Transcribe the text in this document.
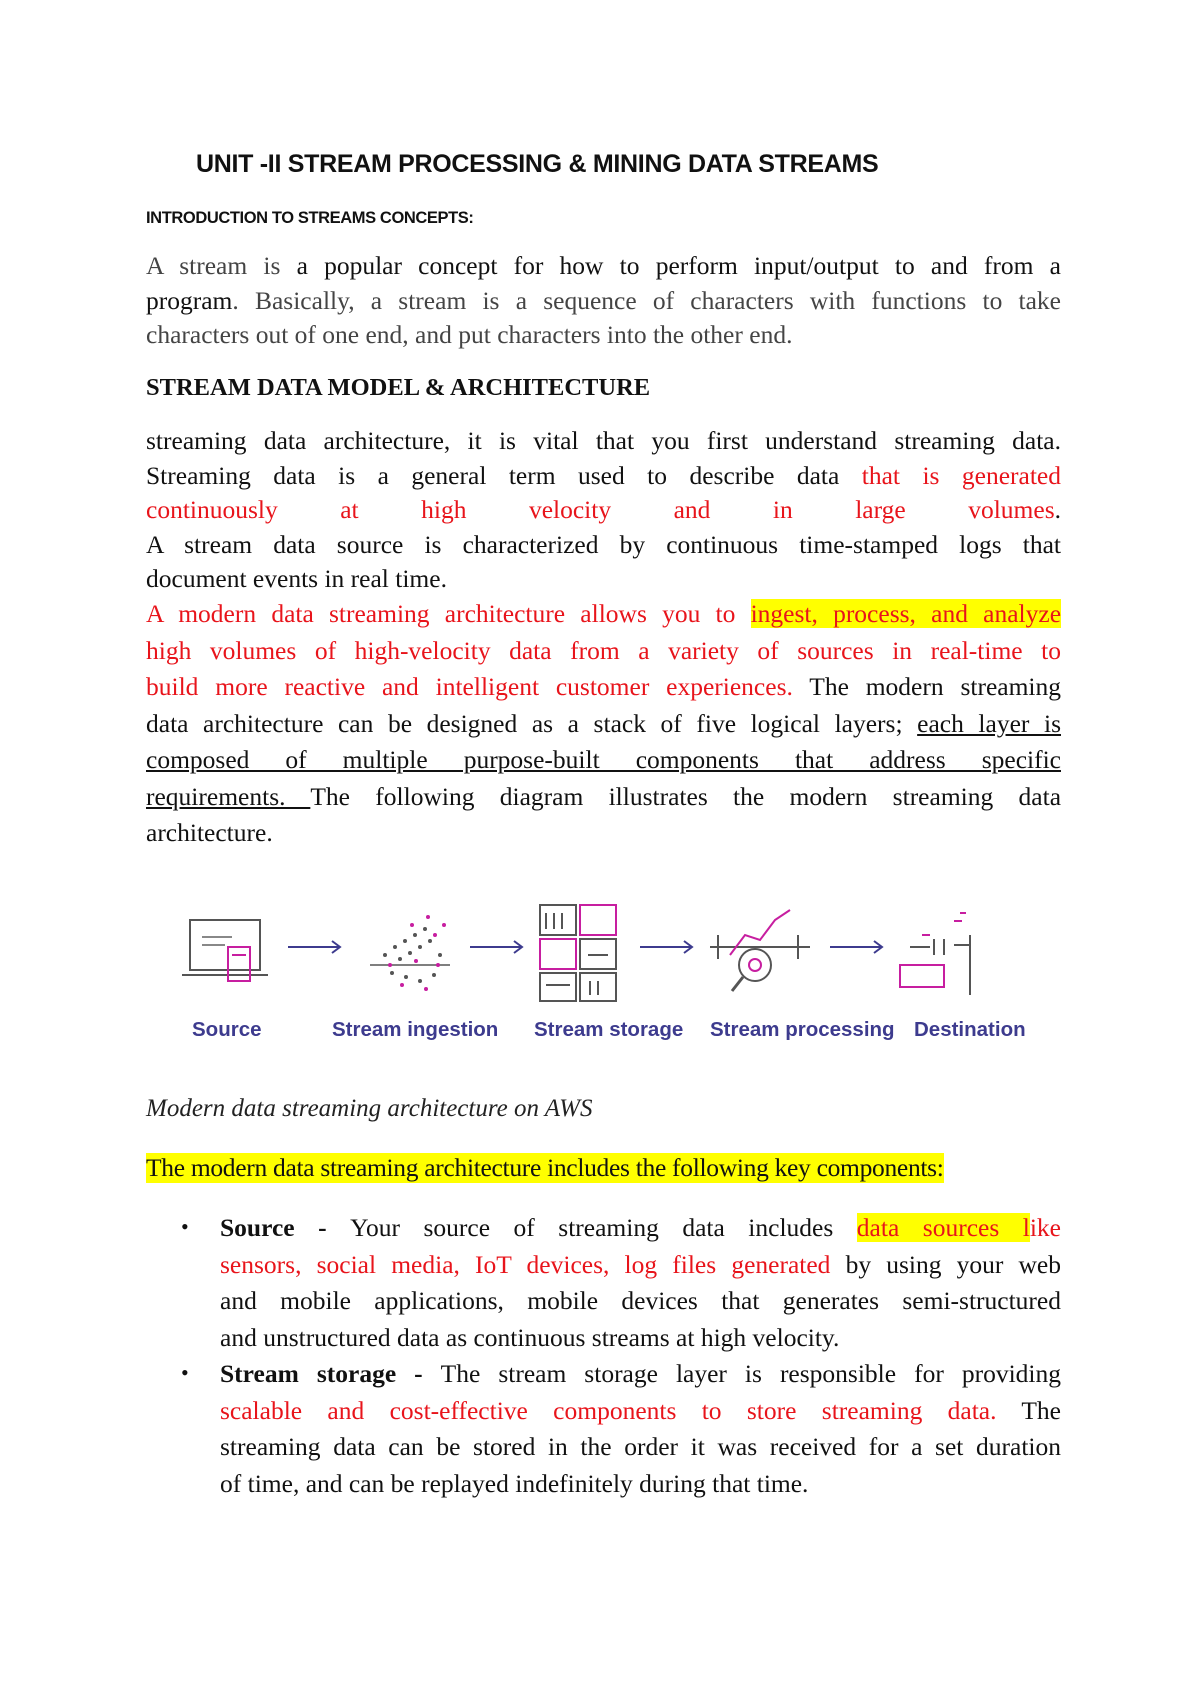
UNIT -II STREAM PROCESSING & MINING DATA STREAMS
INTRODUCTION TO STREAMS CONCEPTS:
A stream is a popular concept for how to perform input/output to and from a
program. Basically, a stream is a sequence of characters with functions to take
characters out of one end, and put characters into the other end.
STREAM DATA MODEL & ARCHITECTURE
streaming data architecture, it is vital that you first understand streaming data.
Streaming data is a general term used to describe data that is generated
continuously at high velocity and in large volumes.
A stream data source is characterized by continuous time-stamped logs that
document events in real time.
A modern data streaming architecture allows you to ingest, process, and analyze
high volumes of high-velocity data from a variety of sources in real-time to
build more reactive and intelligent customer experiences. The modern streaming
data architecture can be designed as a stack of five logical layers; each layer is
composed of multiple purpose-built components that address specific
requirements. The following diagram illustrates the modern streaming data
architecture.
Source	Stream ingestion Stream storage Stream processing Destination
Modern data streaming architecture on AWS
The modern data streaming architecture includes the following key components:
• Source - Your source of streaming data includes data sources like
sensors, social media, IoT devices, log files generated by using your web
and mobile applications, mobile devices that generates semi-structured
and unstructured data as continuous streams at high velocity.
• Stream storage - The stream storage layer is responsible for providing
scalable and cost-effective components to store streaming data. The
streaming data can be stored in the order it was received for a set duration
of time, and can be replayed indefinitely during that time.
